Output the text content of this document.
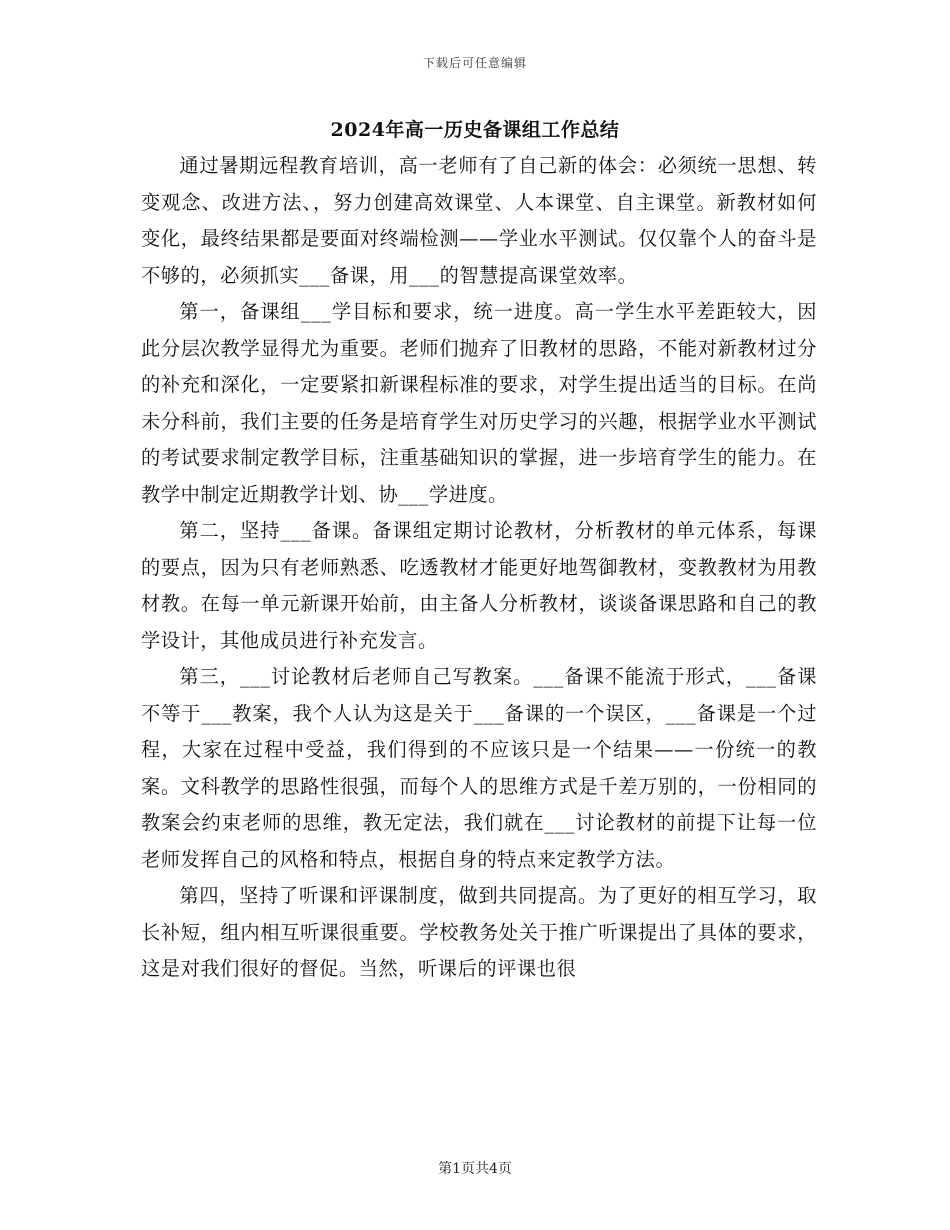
下载后可任意编辑
2024年高一历史备课组工作总结

通过暑期远程教育培训，高一老师有了自己新的体会：必须统一思想、转变观念、改进方法、，努力创建高效课堂、人本课堂、自主课堂。新教材如何变化，最终结果都是要面对终端检测——学业水平测试。仅仅靠个人的奋斗是不够的，必须抓实___备课，用___的智慧提高课堂效率。

第一，备课组___学目标和要求，统一进度。高一学生水平差距较大，因此分层次教学显得尤为重要。老师们抛弃了旧教材的思路，不能对新教材过分的补充和深化，一定要紧扣新课程标准的要求，对学生提出适当的目标。在尚未分科前，我们主要的任务是培育学生对历史学习的兴趣，根据学业水平测试的考试要求制定教学目标，注重基础知识的掌握，进一步培育学生的能力。在教学中制定近期教学计划、协___学进度。

第二，坚持___备课。备课组定期讨论教材，分析教材的单元体系，每课的要点，因为只有老师熟悉、吃透教材才能更好地驾御教材，变教教材为用教材教。在每一单元新课开始前，由主备人分析教材，谈谈备课思路和自己的教学设计，其他成员进行补充发言。

第三，___讨论教材后老师自己写教案。___备课不能流于形式，___备课不等于___教案，我个人认为这是关于___备课的一个误区，___备课是一个过程，大家在过程中受益，我们得到的不应该只是一个结果——一份统一的教案。文科教学的思路性很强，而每个人的思维方式是千差万别的，一份相同的教案会约束老师的思维，教无定法，我们就在___讨论教材的前提下让每一位老师发挥自己的风格和特点，根据自身的特点来定教学方法。

第四，坚持了听课和评课制度，做到共同提高。为了更好的相互学习，取长补短，组内相互听课很重要。学校教务处关于推广听课提出了具体的要求，这是对我们很好的督促。当然，听课后的评课也很

第1页共4页
